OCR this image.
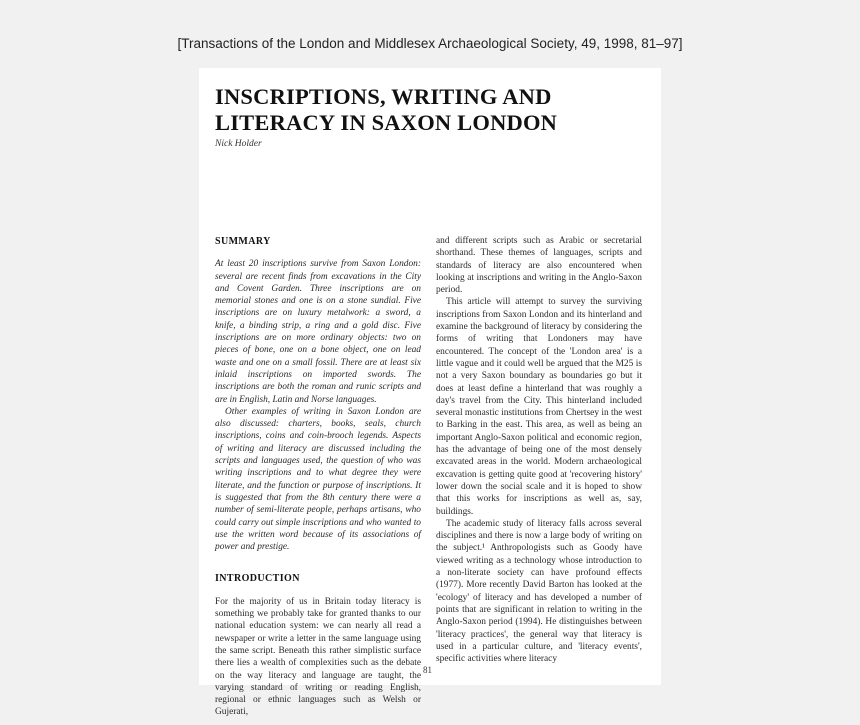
[Transactions of the London and Middlesex Archaeological Society, 49, 1998, 81–97]
INSCRIPTIONS, WRITING AND
LITERACY IN SAXON LONDON
Nick Holder
SUMMARY

At least 20 inscriptions survive from Saxon London: several are recent finds from excavations in the City and Covent Garden. Three inscriptions are on memorial stones and one is on a stone sundial. Five inscriptions are on luxury metalwork: a sword, a knife, a binding strip, a ring and a gold disc. Five inscriptions are on more ordinary objects: two on pieces of bone, one on a bone object, one on lead waste and one on a small fossil. There are at least six inlaid inscriptions on imported swords. The inscriptions are both the roman and runic scripts and are in English, Latin and Norse languages.

Other examples of writing in Saxon London are also discussed: charters, books, seals, church inscriptions, coins and coin-brooch legends. Aspects of writing and literacy are discussed including the scripts and languages used, the question of who was writing inscriptions and to what degree they were literate, and the function or purpose of inscriptions. It is suggested that from the 8th century there were a number of semi-literate people, perhaps artisans, who could carry out simple inscriptions and who wanted to use the written word because of its associations of power and prestige.

INTRODUCTION

For the majority of us in Britain today literacy is something we probably take for granted thanks to our national education system: we can nearly all read a newspaper or write a letter in the same language using the same script. Beneath this rather simplistic surface there lies a wealth of complexities such as the debate on the way literacy and language are taught, the varying standard of writing or reading English, regional or ethnic languages such as Welsh or Gujerati,

and different scripts such as Arabic or secretarial shorthand. These themes of languages, scripts and standards of literacy are also encountered when looking at inscriptions and writing in the Anglo-Saxon period.

This article will attempt to survey the surviving inscriptions from Saxon London and its hinterland and examine the background of literacy by considering the forms of writing that Londoners may have encountered. The concept of the 'London area' is a little vague and it could well be argued that the M25 is not a very Saxon boundary as boundaries go but it does at least define a hinterland that was roughly a day's travel from the City. This hinterland included several monastic institutions from Chertsey in the west to Barking in the east. This area, as well as being an important Anglo-Saxon political and economic region, has the advantage of being one of the most densely excavated areas in the world. Modern archaeological excavation is getting quite good at 'recovering history' lower down the social scale and it is hoped to show that this works for inscriptions as well as, say, buildings.

The academic study of literacy falls across several disciplines and there is now a large body of writing on the subject.¹ Anthropologists such as Goody have viewed writing as a technology whose introduction to a non-literate society can have profound effects (1977). More recently David Barton has looked at the 'ecology' of literacy and has developed a number of points that are significant in relation to writing in the Anglo-Saxon period (1994). He distinguishes between 'literacy practices', the general way that literacy is used in a particular culture, and 'literacy events', specific activities where literacy

81
